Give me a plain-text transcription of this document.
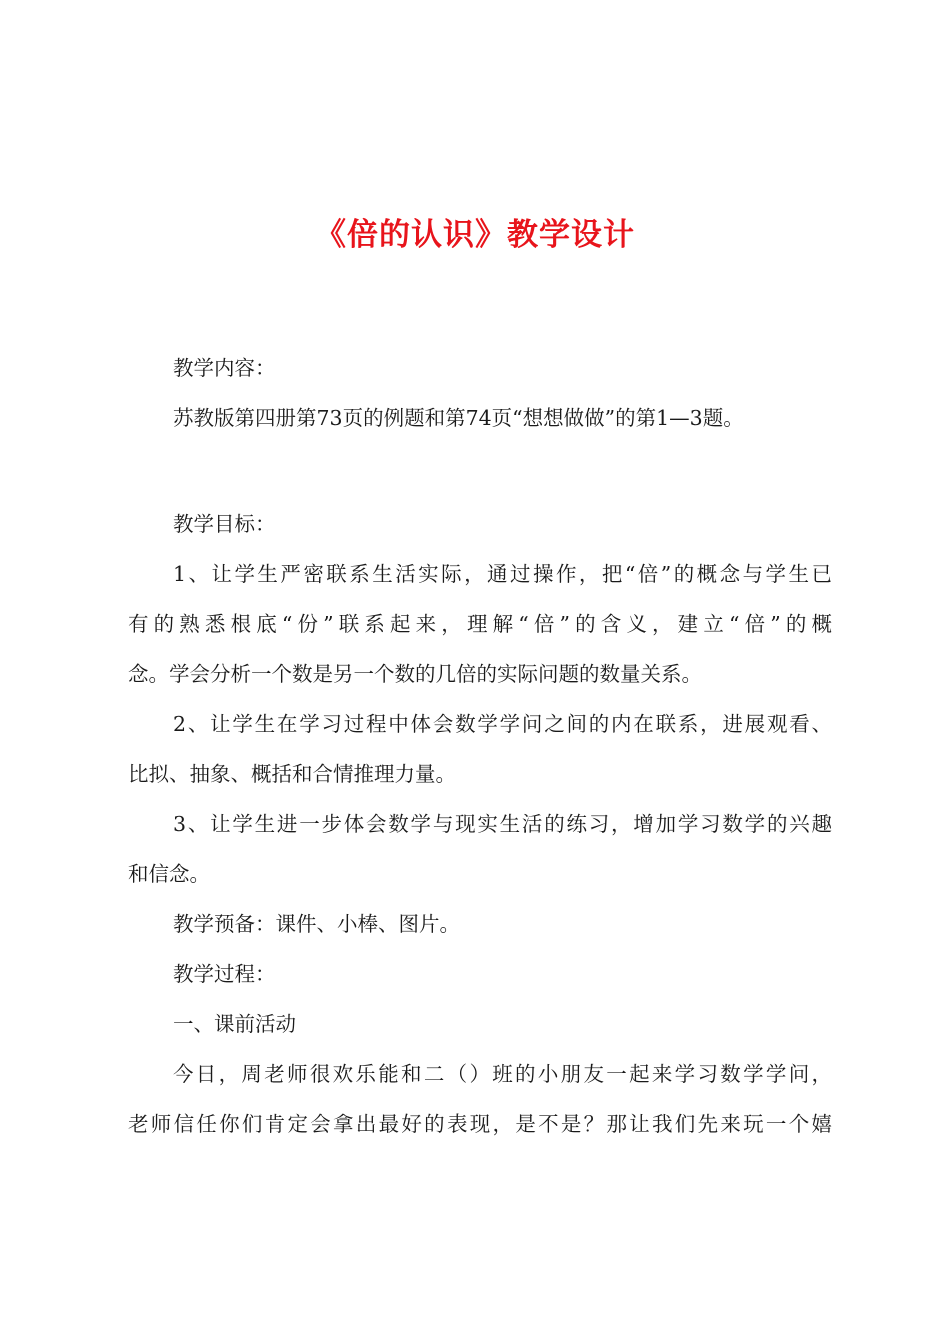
《倍的认识》教学设计
教学内容：
苏教版第四册第73页的例题和第74页“想想做做”的第1—3题。
教学目标：
1、让学生严密联系生活实际，通过操作，把“倍”的概念与学生已
有的熟悉根底“份”联系起来，理解“倍”的含义，建立“倍”的概
念。学会分析一个数是另一个数的几倍的实际问题的数量关系。
2、让学生在学习过程中体会数学学问之间的内在联系，进展观看、
比拟、抽象、概括和合情推理力量。
3、让学生进一步体会数学与现实生活的练习，增加学习数学的兴趣
和信念。
教学预备：课件、小棒、图片。
教学过程：
一、课前活动
今日，周老师很欢乐能和二（）班的小朋友一起来学习数学学问，
老师信任你们肯定会拿出最好的表现，是不是？那让我们先来玩一个嬉
